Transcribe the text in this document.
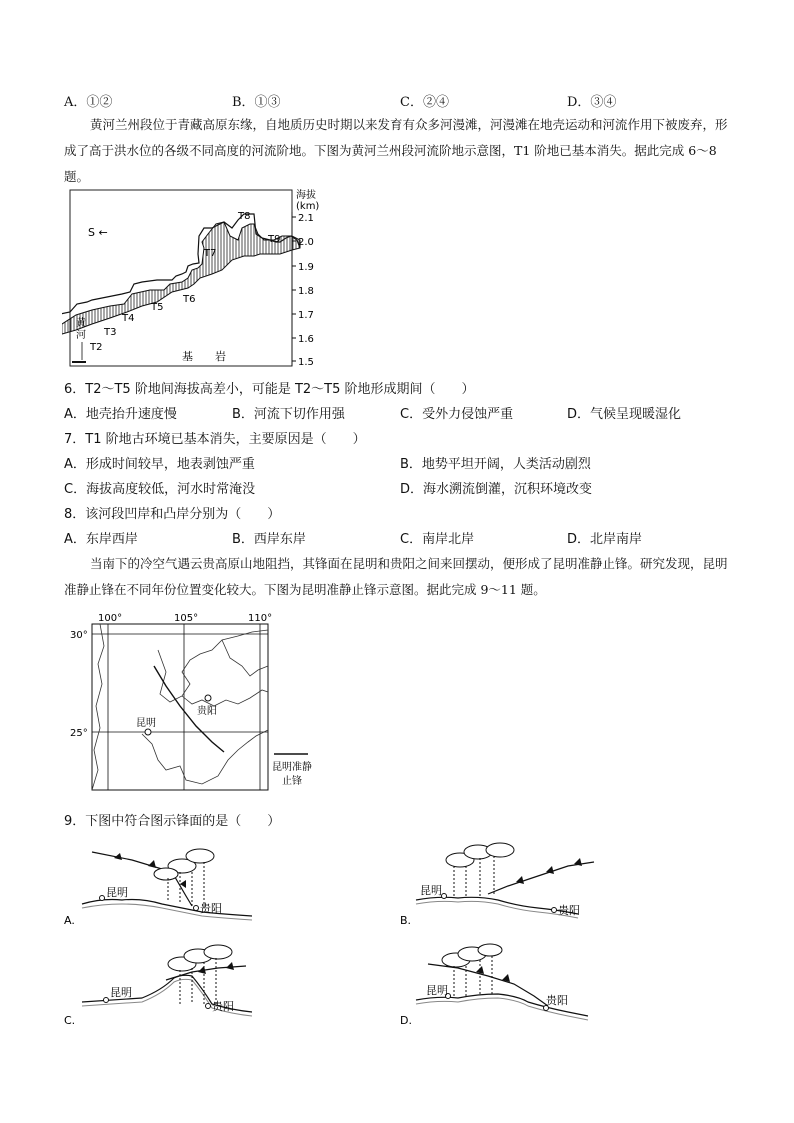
A．①②	B．①③	C．②④	D．③④
黄河兰州段位于青藏高原东缘，自地质历史时期以来发育有众多河漫滩，河漫滩在地壳运动和河流作用下被废弃，形成了高于洪水位的各级不同高度的河流阶地。下图为黄河兰州段河流阶地示意图，T1 阶地已基本消失。据此完成 6～8 题。
黄
河
S ←
基　　岩
T2
T3
T4
T5
T6
T7
T8
T9
海拔
(km)
2.1
2.0
1.9
1.8
1.7
1.6
1.5
6．T2～T5 阶地间海拔高差小，可能是 T2～T5 阶地形成期间（　　）
A．地壳抬升速度慢	B．河流下切作用强	C．受外力侵蚀严重	D．气候呈现暖湿化
7．T1 阶地古环境已基本消失，主要原因是（　　）
A．形成时间较早，地表剥蚀严重	B．地势平坦开阔，人类活动剧烈
C．海拔高度较低，河水时常淹没	D．海水溯流倒灌，沉积环境改变
8．该河段凹岸和凸岸分别为（　　）
A．东岸西岸	B．西岸东岸	C．南岸北岸	D．北岸南岸
当南下的冷空气遇云贵高原山地阻挡，其锋面在昆明和贵阳之间来回摆动，便形成了昆明准静止锋。研究发现，昆明准静止锋在不同年份位置变化较大。下图为昆明准静止锋示意图。据此完成 9～11 题。
100°	105°	110°
30°
25°
贵阳
昆明
昆明准静
止锋
9．下图中符合图示锋面的是（　　）
A.
昆明
贵阳
B.
昆明
贵阳
C.
昆明
贵阳
D.
昆明
贵阳
